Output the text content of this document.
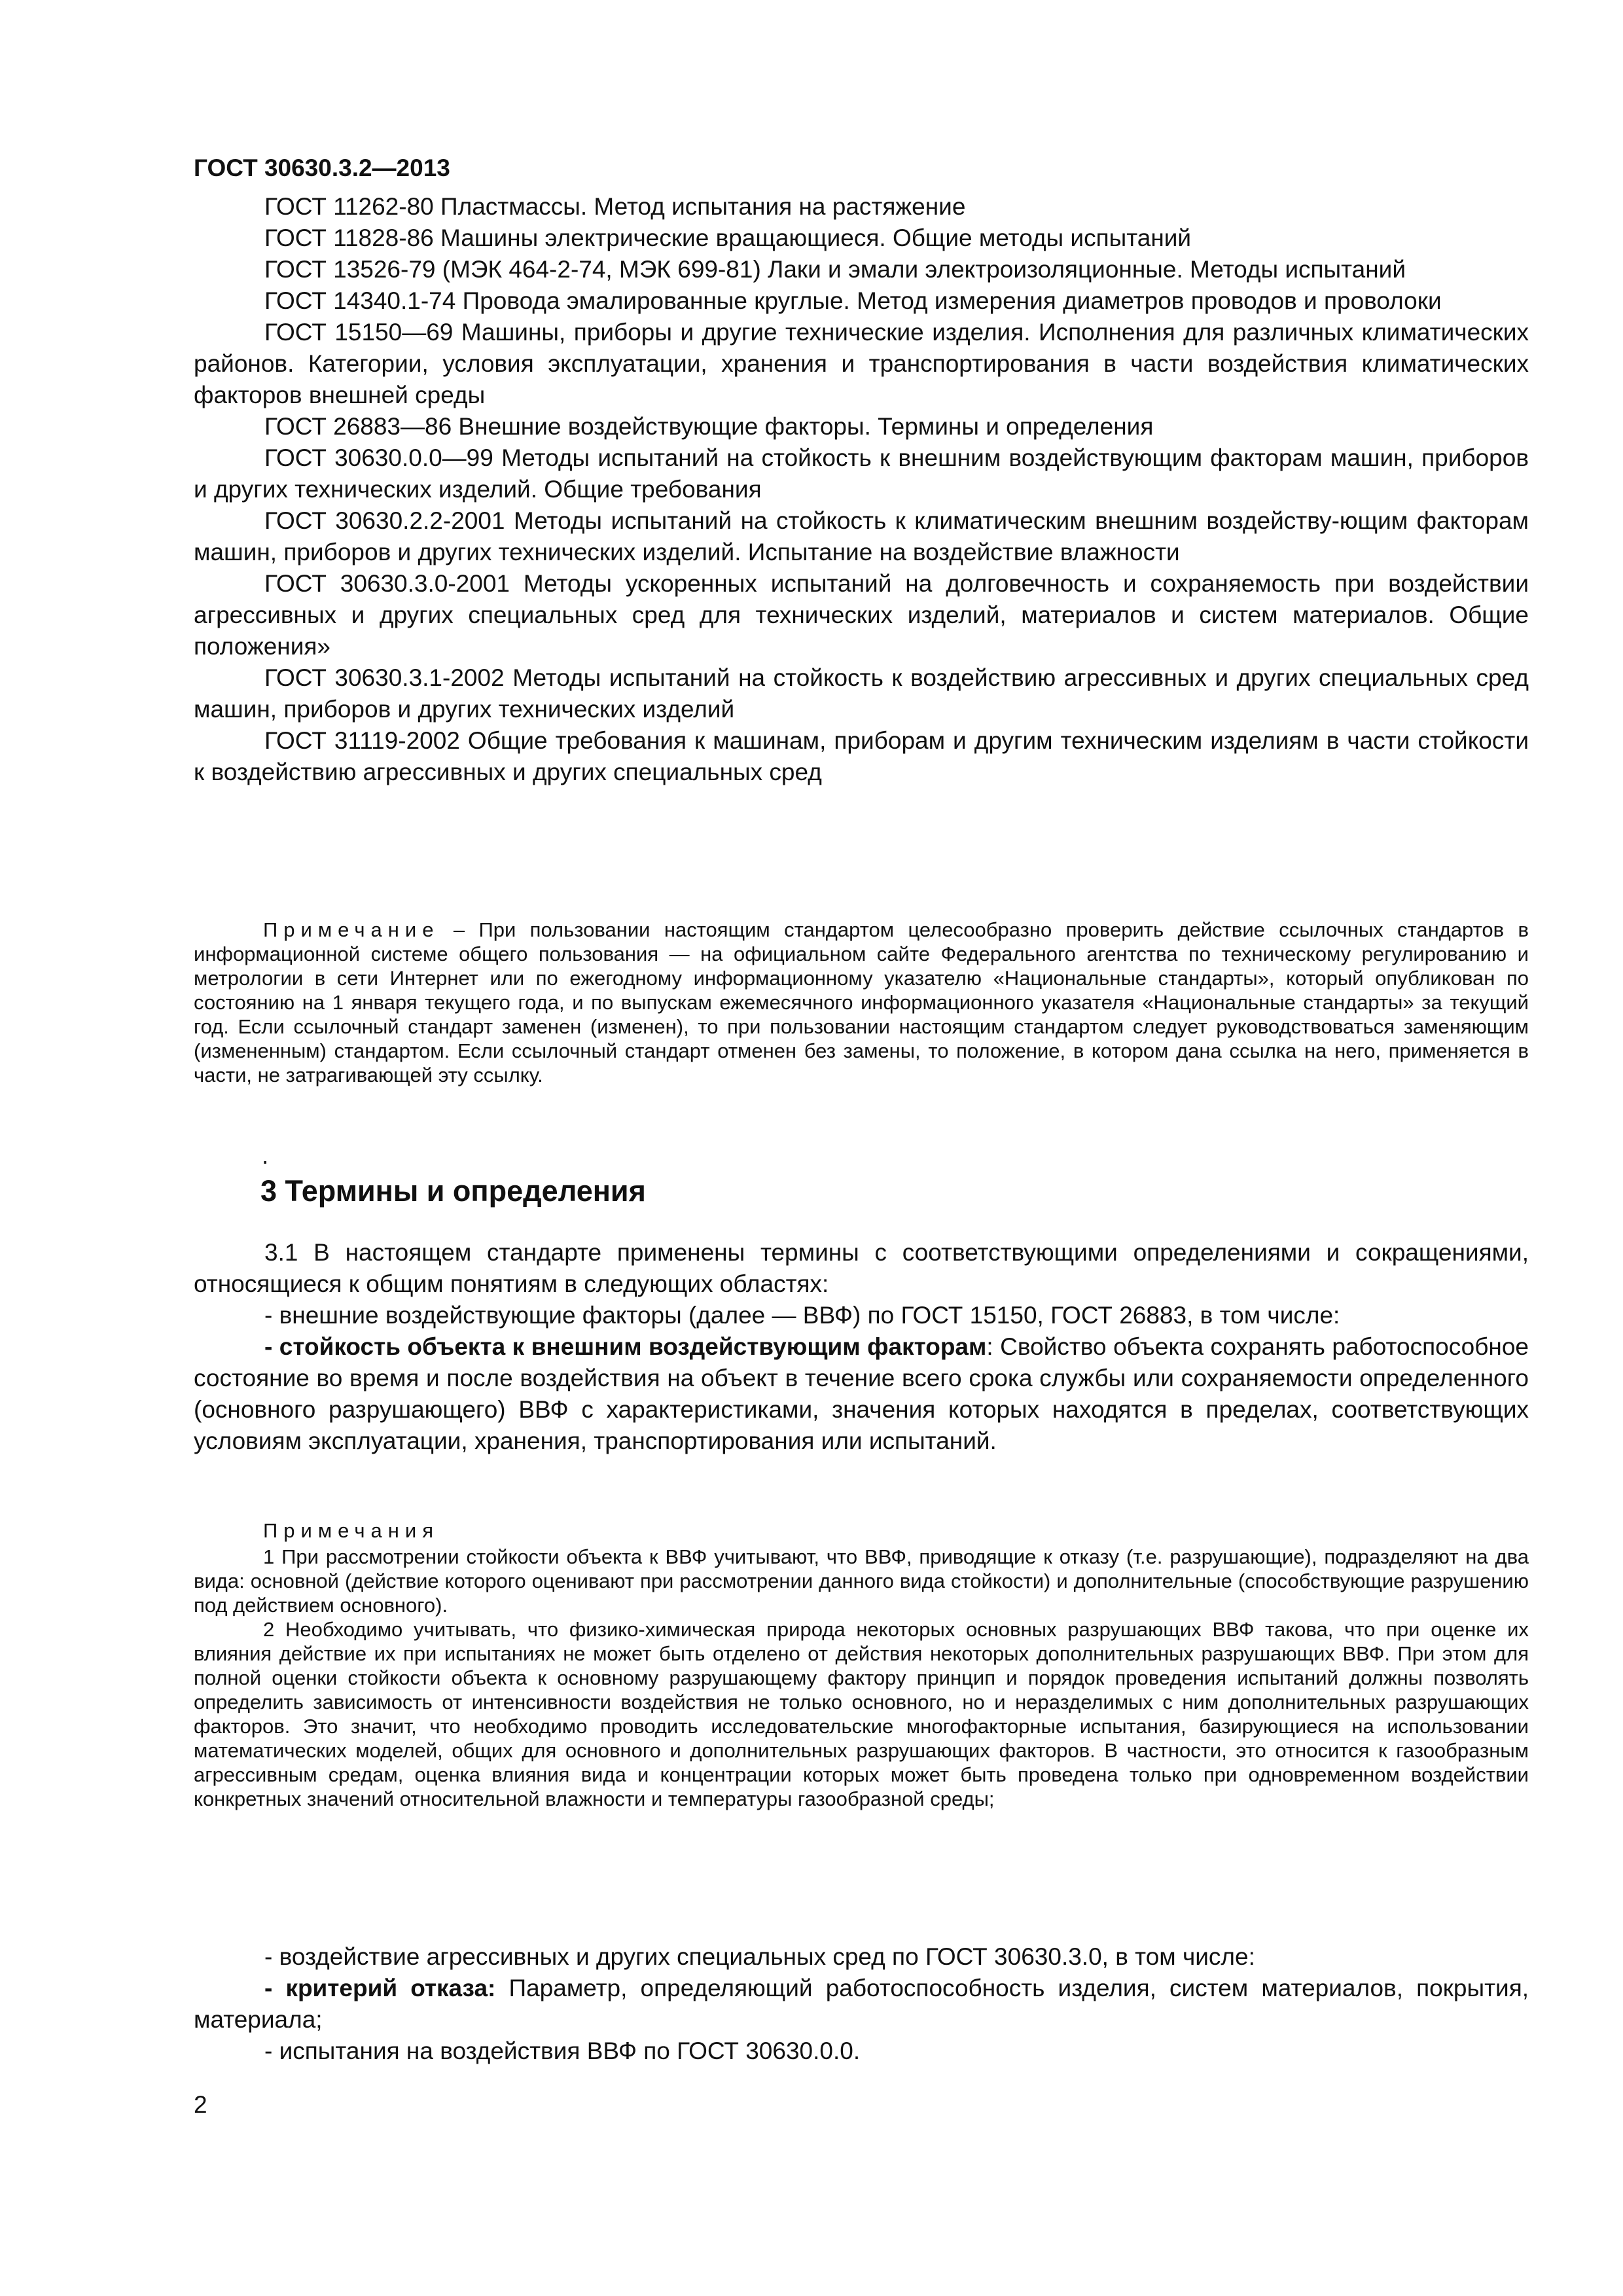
ГОСТ 30630.3.2—2013

ГОСТ 11262-80 Пластмассы. Метод испытания на растяжение

ГОСТ 11828-86 Машины электрические вращающиеся. Общие методы испытаний

ГОСТ 13526-79 (МЭК 464-2-74, МЭК 699-81) Лаки и эмали электроизоляционные. Методы испытаний

ГОСТ 14340.1-74 Провода эмалированные круглые. Метод измерения диаметров проводов и проволоки

ГОСТ 15150—69 Машины, приборы и другие технические изделия. Исполнения для различных климатических районов. Категории, условия эксплуатации, хранения и транспортирования в части воздействия климатических факторов внешней среды

ГОСТ 26883—86 Внешние воздействующие факторы. Термины и определения

ГОСТ 30630.0.0—99 Методы испытаний на стойкость к внешним воздействующим факторам машин, приборов и других технических изделий. Общие требования

ГОСТ 30630.2.2-2001 Методы испытаний на стойкость к климатическим внешним воздейству-ющим факторам машин, приборов и других технических изделий. Испытание на воздействие влажности

ГОСТ 30630.3.0-2001 Методы ускоренных испытаний на долговечность и сохраняемость при воздействии агрессивных и других специальных сред для технических изделий, материалов и систем материалов. Общие положения»

ГОСТ 30630.3.1-2002 Методы испытаний на стойкость к воздействию агрессивных и других специальных сред машин, приборов и других технических изделий

ГОСТ 31119-2002 Общие требования к машинам, приборам и другим техническим изделиям в части стойкости к воздействию агрессивных и других специальных сред

Примечание – При пользовании настоящим стандартом целесообразно проверить действие ссылочных стандартов в информационной системе общего пользования — на официальном сайте Федерального агентства по техническому регулированию и метрологии в сети Интернет или по ежегодному информационному указателю «Национальные стандарты», который опубликован по состоянию на 1 января текущего года, и по выпускам ежемесячного информационного указателя «Национальные стандарты» за текущий год. Если ссылочный стандарт заменен (изменен), то при пользовании настоящим стандартом следует руководствоваться заменяющим (измененным) стандартом. Если ссылочный стандарт отменен без замены, то положение, в котором дана ссылка на него, применяется в части, не затрагивающей эту ссылку.

.
3 Термины и определения

3.1 В настоящем стандарте применены термины с соответствующими определениями и сокращениями, относящиеся к общим понятиям в следующих областях:

- внешние воздействующие факторы (далее — ВВФ) по ГОСТ 15150, ГОСТ 26883, в том числе:

- стойкость объекта к внешним воздействующим факторам: Свойство объекта сохранять работоспособное состояние во время и после воздействия на объект в течение всего срока службы или сохраняемости определенного (основного разрушающего) ВВФ с характеристиками, значения которых находятся в пределах, соответствующих условиям эксплуатации, хранения, транспортирования или испытаний.

Примечания

1 При рассмотрении стойкости объекта к ВВФ учитывают, что ВВФ, приводящие к отказу (т.е. разрушающие), подразделяют на два вида: основной (действие которого оценивают при рассмотрении данного вида стойкости) и дополнительные (способствующие разрушению под действием основного).

2 Необходимо учитывать, что физико-химическая природа некоторых основных разрушающих ВВФ такова, что при оценке их влияния действие их при испытаниях не может быть отделено от действия некоторых дополнительных разрушающих ВВФ. При этом для полной оценки стойкости объекта к основному разрушающему фактору принцип и порядок проведения испытаний должны позволять определить зависимость от интенсивности воздействия не только основного, но и неразделимых с ним дополнительных разрушающих факторов. Это значит, что необходимо проводить исследовательские многофакторные испытания, базирующиеся на использовании математических моделей, общих для основного и дополнительных разрушающих факторов. В частности, это относится к газообразным агрессивным средам, оценка влияния вида и концентрации которых может быть проведена только при одновременном воздействии конкретных значений относительной влажности и температуры газообразной среды;

- воздействие агрессивных и других специальных сред по ГОСТ 30630.3.0, в том числе:

- критерий отказа: Параметр, определяющий работоспособность изделия, систем материалов, покрытия, материала;

- испытания на воздействия ВВФ по ГОСТ 30630.0.0.

2
